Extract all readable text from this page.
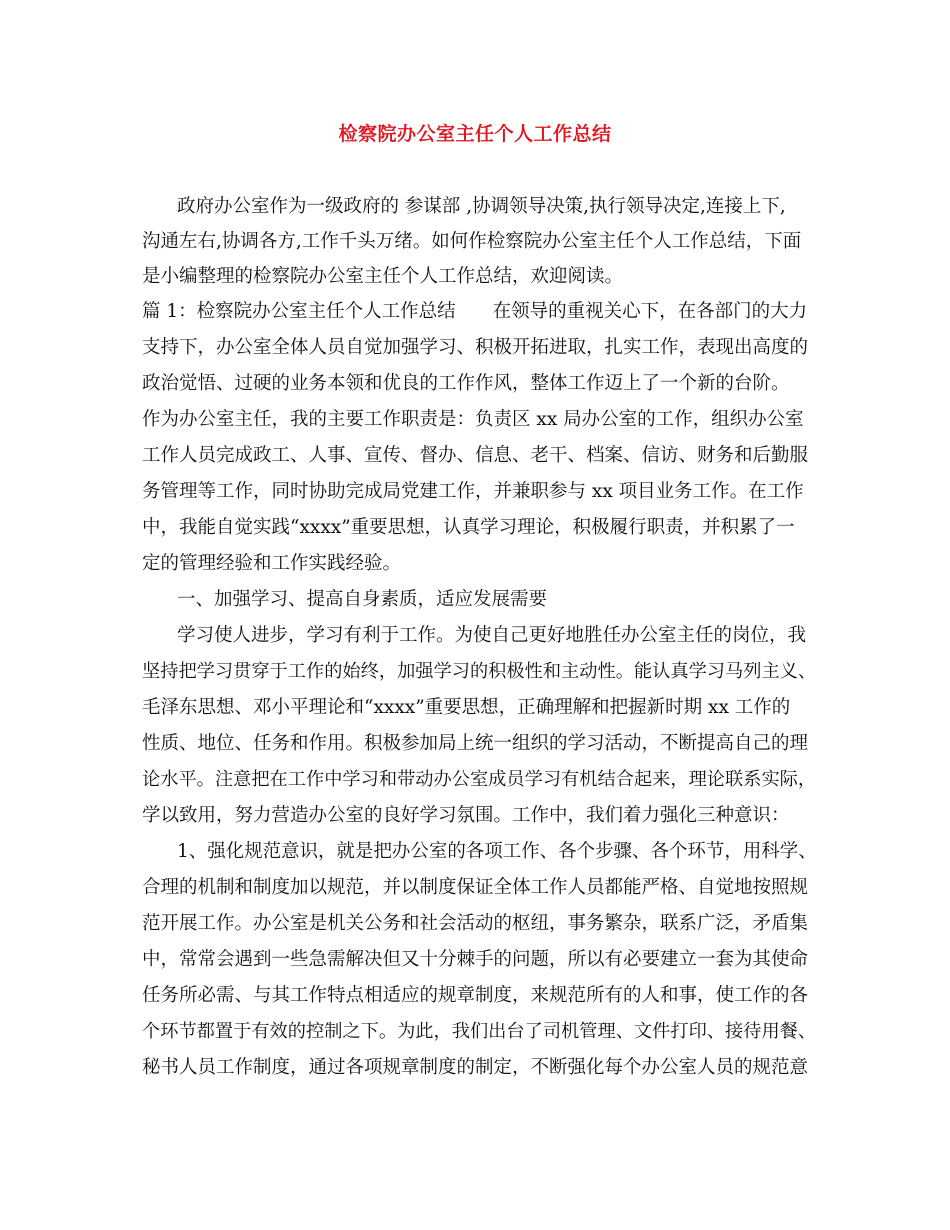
检察院办公室主任个人工作总结
政府办公室作为一级政府的 参谋部 ,协调领导决策,执行领导决定,连接上下,
沟通左右,协调各方,工作千头万绪。如何作检察院办公室主任个人工作总结，下面
是小编整理的检察院办公室主任个人工作总结，欢迎阅读。
篇 1：检察院办公室主任个人工作总结　　在领导的重视关心下，在各部门的大力
支持下，办公室全体人员自觉加强学习、积极开拓进取，扎实工作，表现出高度的
政治觉悟、过硬的业务本领和优良的工作作风，整体工作迈上了一个新的台阶。
作为办公室主任，我的主要工作职责是：负责区 xx 局办公室的工作，组织办公室
工作人员完成政工、人事、宣传、督办、信息、老干、档案、信访、财务和后勤服
务管理等工作，同时协助完成局党建工作，并兼职参与 xx 项目业务工作。在工作
中，我能自觉实践“xxxx”重要思想，认真学习理论，积极履行职责，并积累了一
定的管理经验和工作实践经验。
一、加强学习、提高自身素质，适应发展需要
学习使人进步，学习有利于工作。为使自己更好地胜任办公室主任的岗位，我
坚持把学习贯穿于工作的始终，加强学习的积极性和主动性。能认真学习马列主义、
毛泽东思想、邓小平理论和“xxxx”重要思想，正确理解和把握新时期 xx 工作的
性质、地位、任务和作用。积极参加局上统一组织的学习活动，不断提高自己的理
论水平。注意把在工作中学习和带动办公室成员学习有机结合起来，理论联系实际，
学以致用，努力营造办公室的良好学习氛围。工作中，我们着力强化三种意识：
1、强化规范意识，就是把办公室的各项工作、各个步骤、各个环节，用科学、
合理的机制和制度加以规范，并以制度保证全体工作人员都能严格、自觉地按照规
范开展工作。办公室是机关公务和社会活动的枢纽，事务繁杂，联系广泛，矛盾集
中，常常会遇到一些急需解决但又十分棘手的问题，所以有必要建立一套为其使命
任务所必需、与其工作特点相适应的规章制度，来规范所有的人和事，使工作的各
个环节都置于有效的控制之下。为此，我们出台了司机管理、文件打印、接待用餐、
秘书人员工作制度，通过各项规章制度的制定，不断强化每个办公室人员的规范意
